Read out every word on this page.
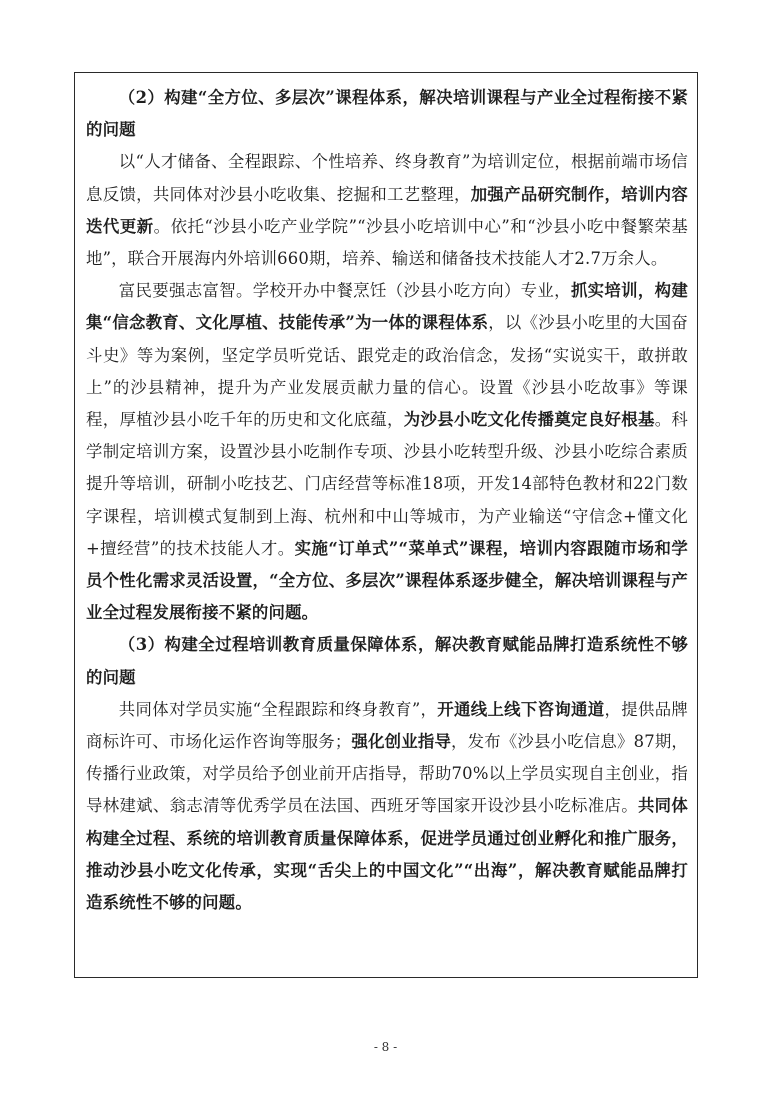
（2）构建“全方位、多层次”课程体系，解决培训课程与产业全过程衔接不紧的问题

以“人才储备、全程跟踪、个性培养、终身教育”为培训定位，根据前端市场信息反馈，共同体对沙县小吃收集、挖掘和工艺整理，加强产品研究制作，培训内容迭代更新。依托“沙县小吃产业学院”“沙县小吃培训中心”和“沙县小吃中餐繁荣基地”，联合开展海内外培训660期，培养、输送和储备技术技能人才2.7万余人。

富民要强志富智。学校开办中餐烹饪（沙县小吃方向）专业，抓实培训，构建集“信念教育、文化厚植、技能传承”为一体的课程体系，以《沙县小吃里的大国奋斗史》等为案例，坚定学员听党话、跟党走的政治信念，发扬“实说实干，敢拼敢上”的沙县精神，提升为产业发展贡献力量的信心。设置《沙县小吃故事》等课程，厚植沙县小吃千年的历史和文化底蕴，为沙县小吃文化传播奠定良好根基。科学制定培训方案，设置沙县小吃制作专项、沙县小吃转型升级、沙县小吃综合素质提升等培训，研制小吃技艺、门店经营等标准18项，开发14部特色教材和22门数字课程，培训模式复制到上海、杭州和中山等城市，为产业输送“守信念+懂文化+擅经营”的技术技能人才。实施“订单式”“菜单式”课程，培训内容跟随市场和学员个性化需求灵活设置，“全方位、多层次”课程体系逐步健全，解决培训课程与产业全过程发展衔接不紧的问题。

（3）构建全过程培训教育质量保障体系，解决教育赋能品牌打造系统性不够的问题

共同体对学员实施“全程跟踪和终身教育”，开通线上线下咨询通道，提供品牌商标许可、市场化运作咨询等服务；强化创业指导，发布《沙县小吃信息》87期，传播行业政策，对学员给予创业前开店指导，帮助70%以上学员实现自主创业，指导林建斌、翁志清等优秀学员在法国、西班牙等国家开设沙县小吃标准店。共同体构建全过程、系统的培训教育质量保障体系，促进学员通过创业孵化和推广服务，推动沙县小吃文化传承，实现“舌尖上的中国文化”“出海”，解决教育赋能品牌打造系统性不够的问题。

- 8 -
